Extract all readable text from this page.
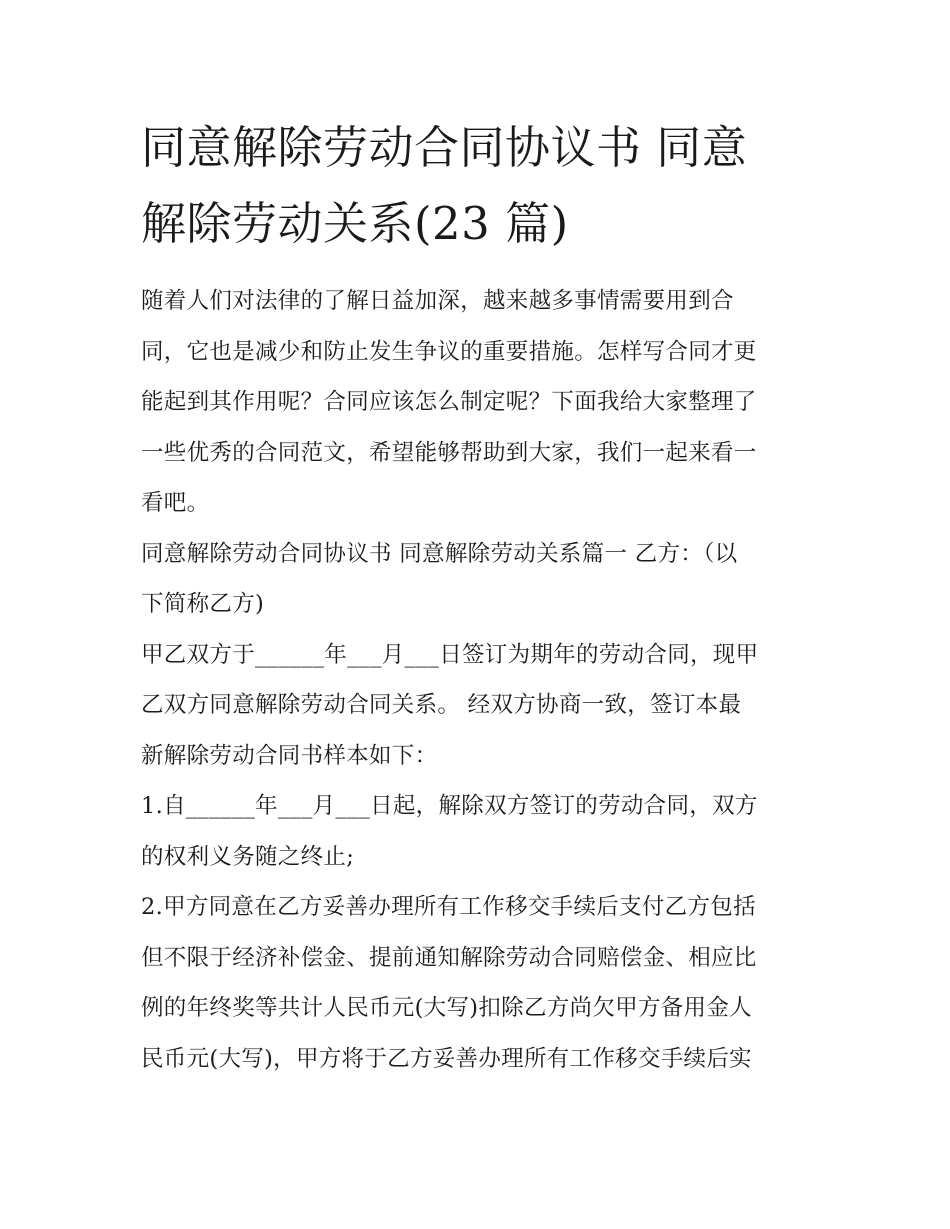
同意解除劳动合同协议书 同意
解除劳动关系(23 篇)

随着人们对法律的了解日益加深，越来越多事情需要用到合
同，它也是减少和防止发生争议的重要措施。怎样写合同才更
能起到其作用呢？合同应该怎么制定呢？下面我给大家整理了
一些优秀的合同范文，希望能够帮助到大家，我们一起来看一
看吧。

同意解除劳动合同协议书 同意解除劳动关系篇一 乙方：（以
下简称乙方)

甲乙双方于______年___月___日签订为期年的劳动合同，现甲
乙双方同意解除劳动合同关系。 经双方协商一致，签订本最
新解除劳动合同书样本如下：

1.自______年___月___日起，解除双方签订的劳动合同，双方
的权利义务随之终止;

2.甲方同意在乙方妥善办理所有工作移交手续后支付乙方包括
但不限于经济补偿金、提前通知解除劳动合同赔偿金、相应比
例的年终奖等共计人民币元(大写)扣除乙方尚欠甲方备用金人
民币元(大写)，甲方将于乙方妥善办理所有工作移交手续后实
